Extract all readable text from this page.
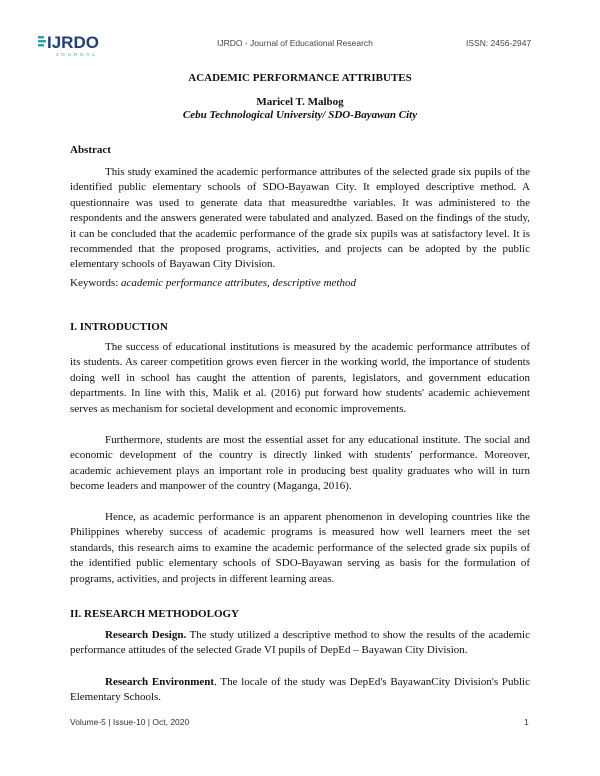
IJRDO
JOURNAL
IJRDO - Journal of Educational Research	ISSN: 2456-2947
ACADEMIC PERFORMANCE ATTRIBUTES
Maricel T. Malbog
Cebu Technological University/ SDO-Bayawan City
Abstract
This study examined the academic performance attributes of the selected grade six pupils of the identified public elementary schools of SDO-Bayawan City. It employed descriptive method. A questionnaire was used to generate data that measuredthe variables. It was administered to the respondents and the answers generated were tabulated and analyzed. Based on the findings of the study, it can be concluded that the academic performance of the grade six pupils was at satisfactory level. It is recommended that the proposed programs, activities, and projects can be adopted by the public elementary schools of Bayawan City Division.
Keywords: academic performance attributes, descriptive method
I. INTRODUCTION
The success of educational institutions is measured by the academic performance attributes of its students. As career competition grows even fiercer in the working world, the importance of students doing well in school has caught the attention of parents, legislators, and government education departments. In line with this, Malik et al. (2016) put forward how students' academic achievement serves as mechanism for societal development and economic improvements.
Furthermore, students are most the essential asset for any educational institute. The social and economic development of the country is directly linked with students' performance. Moreover, academic achievement plays an important role in producing best quality graduates who will in turn become leaders and manpower of the country (Maganga, 2016).
Hence, as academic performance is an apparent phenomenon in developing countries like the Philippines whereby success of academic programs is measured how well learners meet the set standards, this research aims to examine the academic performance of the selected grade six pupils of the identified public elementary schools of SDO-Bayawan serving as basis for the formulation of programs, activities, and projects in different learning areas.
II. RESEARCH METHODOLOGY
Research Design. The study utilized a descriptive method to show the results of the academic performance attitudes of the selected Grade VI pupils of DepEd – Bayawan City Division.
Research Environment. The locale of the study was DepEd's BayawanCity Division's Public Elementary Schools.
Volume-5 | Issue-10 | Oct, 2020	1
